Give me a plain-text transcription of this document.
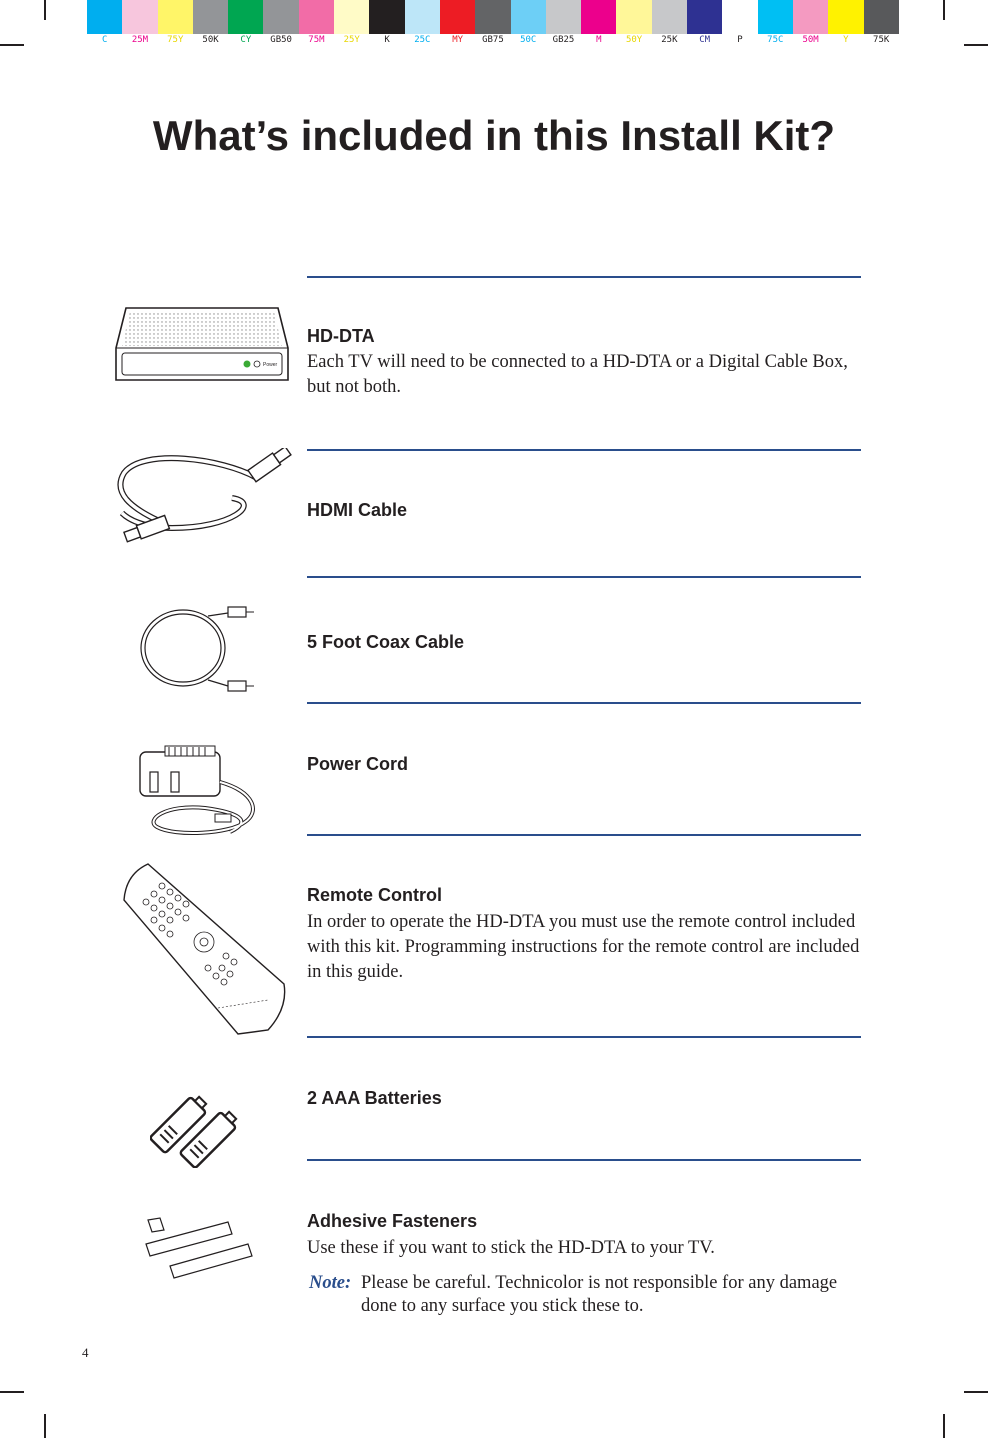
C	25M	75Y	50K	CY	GB50	75M	25Y	K	25C	MY	GB75	50C	GB25	M	50Y	25K	CM	P	75C	50M	Y	75K
What’s included in this Install Kit?
Power
HD-DTA

Each TV will need to be connected to a HD-DTA or a Digital Cable Box, but not both.

HDMI Cable
5 Foot Coax Cable
Power Cord
Remote Control

In order to operate the HD-DTA you must use the remote control included with this kit. Programming instructions for the remote control are included in this guide.

2 AAA Batteries
Adhesive Fasteners

Use these if you want to stick the HD-DTA to your TV.

Note: Please be careful. Technicolor is not responsible for any damage done to any surface you stick these to.
4
